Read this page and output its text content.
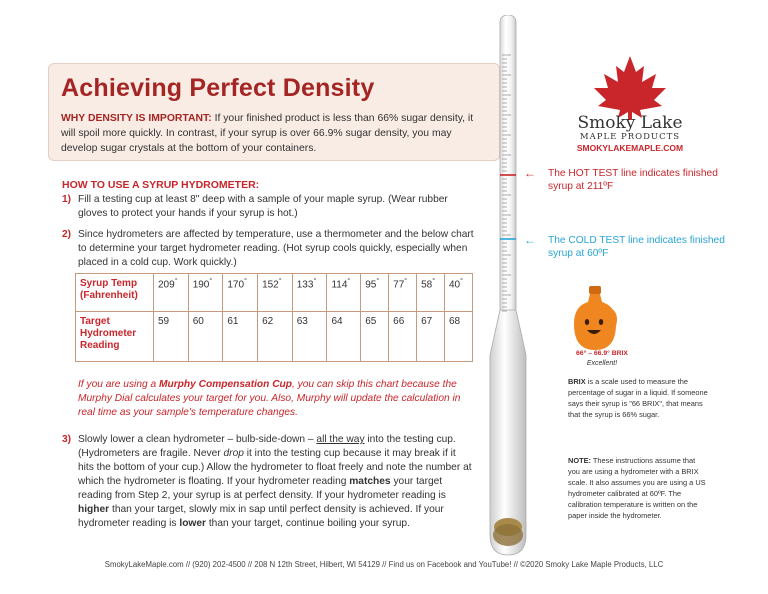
Achieving Perfect Density
WHY DENSITY IS IMPORTANT: If your finished product is less than 66% sugar density, it will spoil more quickly. In contrast, if your syrup is over 66.9% sugar density, you may develop sugar crystals at the bottom of your containers.
HOW TO USE A SYRUP HYDROMETER:
1) Fill a testing cup at least 8" deep with a sample of your maple syrup. (Wear rubber gloves to protect your hands if your syrup is hot.)
2) Since hydrometers are affected by temperature, use a thermometer and the below chart to determine your target hydrometer reading. (Hot syrup cools quickly, especially when placed in a cold cup. Work quickly.)
Syrup Temp (Fahrenheit)	209°	190°	170°	152°	133°	114°	95°	77°	58°	40°
Target Hydrometer Reading	59	60	61	62	63	64	65	66	67	68
If you are using a Murphy Compensation Cup, you can skip this chart because the Murphy Dial calculates your target for you. Also, Murphy will update the calculation in real time as your sample's temperature changes.
3) Slowly lower a clean hydrometer – bulb-side-down – all the way into the testing cup. (Hydrometers are fragile. Never drop it into the testing cup because it may break if it hits the bottom of your cup.) Allow the hydrometer to float freely and note the number at which the hydrometer is floating. If your hydrometer reading matches your target reading from Step 2, your syrup is at perfect density. If your hydrometer reading is higher than your target, slowly mix in sap until perfect density is achieved. If your hydrometer reading is lower than your target, continue boiling your syrup.
Smoky Lake
MAPLE PRODUCTS
SMOKYLAKEMAPLE.COM
← The HOT TEST line indicates finished syrup at 211ºF
← The COLD TEST line indicates finished syrup at 60ºF
66° – 66.9° BRIX
Excellent!
BRIX is a scale used to measure the percentage of sugar in a liquid. If someone says their syrup is "66 BRIX", that means that the syrup is 66% sugar.
NOTE: These instructions assume that you are using a hydrometer with a BRIX scale. It also assumes you are using a US hydrometer calibrated at 60ºF. The calibration temperature is written on the paper inside the hydrometer.
SmokyLakeMaple.com // (920) 202-4500 // 208 N 12th Street, Hilbert, WI 54129 // Find us on Facebook and YouTube! // ©2020 Smoky Lake Maple Products, LLC
